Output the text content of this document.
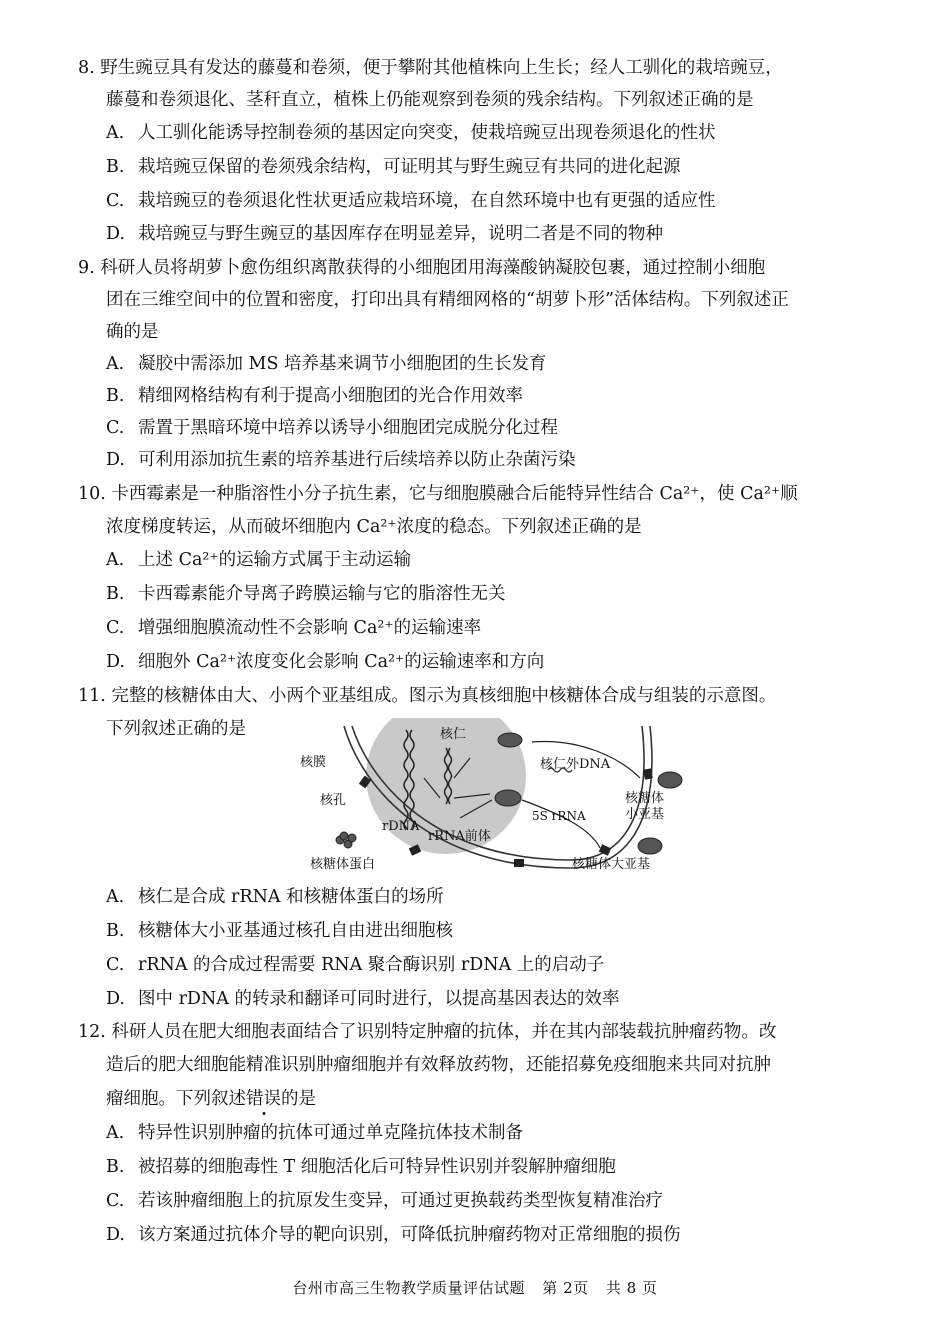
8. 野生豌豆具有发达的藤蔓和卷须，便于攀附其他植株向上生长；经人工驯化的栽培豌豆，
藤蔓和卷须退化、茎秆直立，植株上仍能观察到卷须的残余结构。下列叙述正确的是
A. 人工驯化能诱导控制卷须的基因定向突变，使栽培豌豆出现卷须退化的性状
B. 栽培豌豆保留的卷须残余结构，可证明其与野生豌豆有共同的进化起源
C. 栽培豌豆的卷须退化性状更适应栽培环境，在自然环境中也有更强的适应性
D. 栽培豌豆与野生豌豆的基因库存在明显差异，说明二者是不同的物种
9. 科研人员将胡萝卜愈伤组织离散获得的小细胞团用海藻酸钠凝胶包裹，通过控制小细胞
团在三维空间中的位置和密度，打印出具有精细网格的“胡萝卜形”活体结构。下列叙述正
确的是
A. 凝胶中需添加 MS 培养基来调节小细胞团的生长发育
B. 精细网格结构有利于提高小细胞团的光合作用效率
C. 需置于黑暗环境中培养以诱导小细胞团完成脱分化过程
D. 可利用添加抗生素的培养基进行后续培养以防止杂菌污染
10. 卡西霉素是一种脂溶性小分子抗生素，它与细胞膜融合后能特异性结合 Ca²⁺，使 Ca²⁺顺
浓度梯度转运，从而破坏细胞内 Ca²⁺浓度的稳态。下列叙述正确的是
A. 上述 Ca²⁺的运输方式属于主动运输
B. 卡西霉素能介导离子跨膜运输与它的脂溶性无关
C. 增强细胞膜流动性不会影响 Ca²⁺的运输速率
D. 细胞外 Ca²⁺浓度变化会影响 Ca²⁺的运输速率和方向
11. 完整的核糖体由大、小两个亚基组成。图示为真核细胞中核糖体合成与组装的示意图。
下列叙述正确的是	核仁
核膜	核仁外DNA
核孔	核糖体
小亚基
5S rRNA
rDNA
rRNA前体
核糖体蛋白	核糖体大亚基
A. 核仁是合成 rRNA 和核糖体蛋白的场所
B. 核糖体大小亚基通过核孔自由进出细胞核
C. rRNA 的合成过程需要 RNA 聚合酶识别 rDNA 上的启动子
D. 图中 rDNA 的转录和翻译可同时进行，以提高基因表达的效率
12. 科研人员在肥大细胞表面结合了识别特定肿瘤的抗体，并在其内部装载抗肿瘤药物。改
造后的肥大细胞能精准识别肿瘤细胞并有效释放药物，还能招募免疫细胞来共同对抗肿
瘤细胞。下列叙述错误的是
A. 特异性识别肿瘤的抗体可通过单克隆抗体技术制备
B. 被招募的细胞毒性 T 细胞活化后可特异性识别并裂解肿瘤细胞
C. 若该肿瘤细胞上的抗原发生变异，可通过更换载药类型恢复精准治疗
D. 该方案通过抗体介导的靶向识别，可降低抗肿瘤药物对正常细胞的损伤
台州市高三生物教学质量评估试题 第 2页 共 8 页
